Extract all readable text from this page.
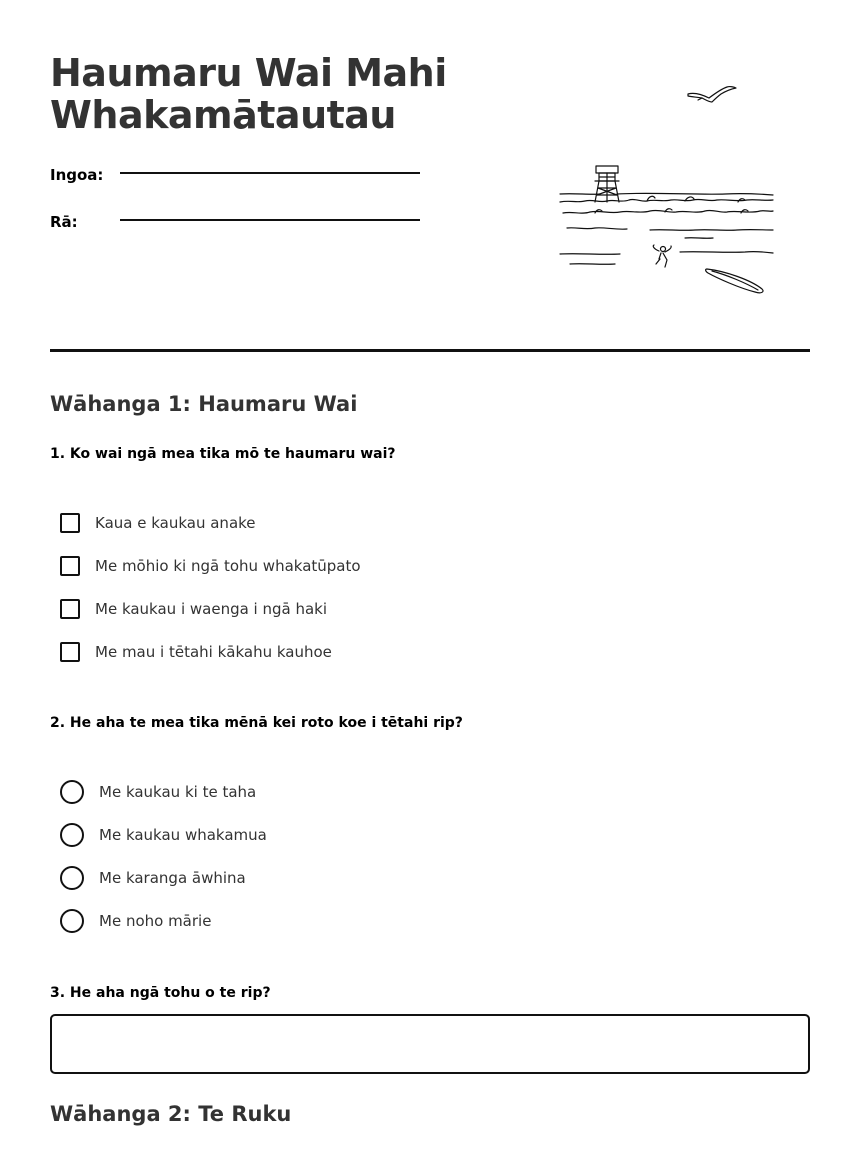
Haumaru Wai Mahi
Whakamātautau
Ingoa:
Rā:
Wāhanga 1: Haumaru Wai

1. Ko wai ngā mea tika mō te haumaru wai?

Kaua e kaukau anake
Me mōhio ki ngā tohu whakatūpato
Me kaukau i waenga i ngā haki
Me mau i tētahi kākahu kauhoe

2. He aha te mea tika mēnā kei roto koe i tētahi rip?

Me kaukau ki te taha
Me kaukau whakamua
Me karanga āwhina
Me noho mārie

3. He aha ngā tohu o te rip?

Wāhanga 2: Te Ruku
